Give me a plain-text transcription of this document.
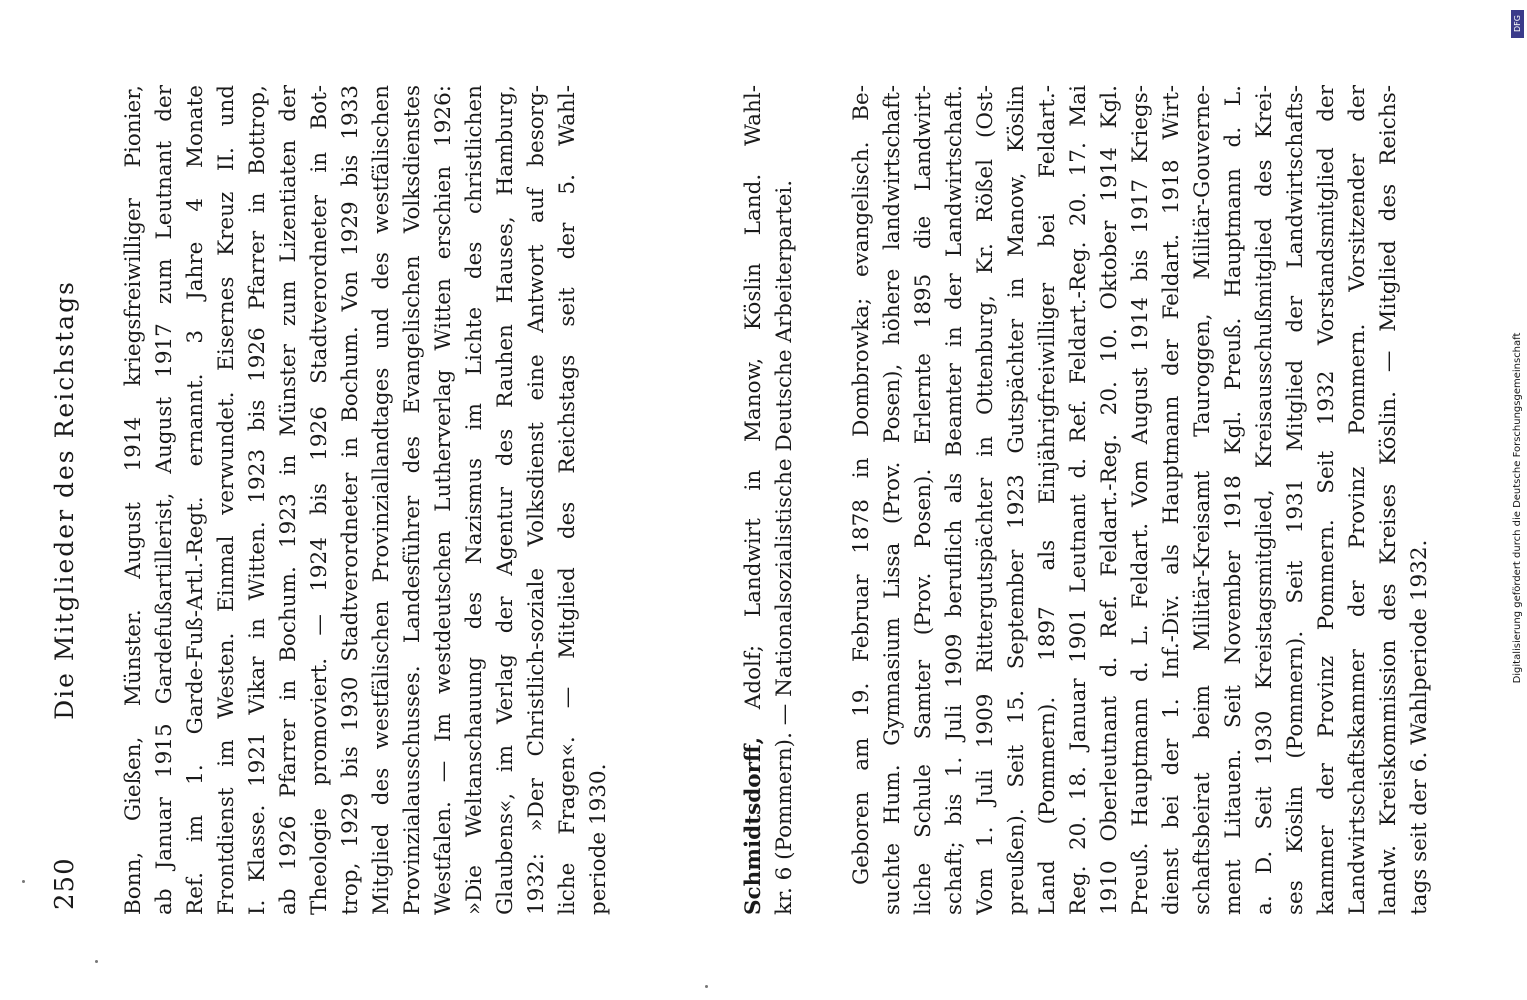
250
Die Mitglieder des Reichstags Bonn, Gießen, Münster. August 1914 kriegsfreiwilliger Pionier, ab Januar 1915 Gardefußartillerist, August 1917 zum Leutnant der Ref. im 1. Garde-Fuß-Artl.-Regt. ernannt. 3 Jahre 4 Monate Frontdienst im Westen. Einmal verwundet. Eisernes Kreuz II. und I. Klasse. 1921 Vikar in Witten. 1923 bis 1926 Pfarrer in Bottrop, ab 1926 Pfarrer in Bochum. 1923 in Münster zum Lizentiaten der Theologie promoviert. — 1924 bis 1926 Stadtverordneter in Bot- trop, 1929 bis 1930 Stadtverordneter in Bochum. Von 1929 bis 1933 Mitglied des westfälischen Provinziallandtages und des westfälischen Provinzialausschusses. Landesführer des Evangelischen Volksdienstes Westfalen. — Im westdeutschen Lutherverlag Witten erschien 1926: »Die Weltanschauung des Nazismus im Lichte des christlichen Glaubens«, im Verlag der Agentur des Rauhen Hauses, Hamburg, 1932: »Der Christlich-soziale Volksdienst eine Antwort auf besorg- liche Fragen«. — Mitglied des Reichstags seit der 5. Wahl- periode 1930.	Schmidtsdorff, Adolf; Landwirt in Manow, Köslin Land. Wahl- kr. 6 (Pommern). — Nationalsozialistische Deutsche Arbeiterpartei. Geboren am 19. Februar 1878 in Dombrowka; evangelisch. Be- suchte Hum. Gymnasium Lissa (Prov. Posen), höhere landwirtschaft- liche Schule Samter (Prov. Posen). Erlernte 1895 die Landwirt- schaft; bis 1. Juli 1909 beruflich als Beamter in der Landwirtschaft. Vom 1. Juli 1909 Rittergutspächter in Ottenburg, Kr. Rößel (Ost- preußen). Seit 15. September 1923 Gutspächter in Manow, Köslin Land (Pommern). 1897 als Einjährigfreiwilliger bei Feldart.- Reg. 20. 18. Januar 1901 Leutnant d. Ref. Feldart.-Reg. 20. 17. Mai 1910 Oberleutnant d. Ref. Feldart.-Reg. 20. 10. Oktober 1914 Kgl. Preuß. Hauptmann d. L. Feldart. Vom August 1914 bis 1917 Kriegs- dienst bei der 1. Inf.-Div. als Hauptmann der Feldart. 1918 Wirt- schaftsbeirat beim Militär-Kreisamt Tauroggen, Militär-Gouverne- ment Litauen. Seit November 1918 Kgl. Preuß. Hauptmann d. L. a. D. Seit 1930 Kreistagsmitglied, Kreisausschußmitglied des Krei- ses Köslin (Pommern). Seit 1931 Mitglied der Landwirtschafts- kammer der Provinz Pommern. Seit 1932 Vorstandsmitglied der Landwirtschaftskammer der Provinz Pommern. Vorsitzender der landw. Kreiskommission des Kreises Köslin. — Mitglied des Reichs- tags seit der 6. Wahlperiode 1932.
DFG
Digitalisierung gefördert durch die Deutsche Forschungsgemeinschaft
